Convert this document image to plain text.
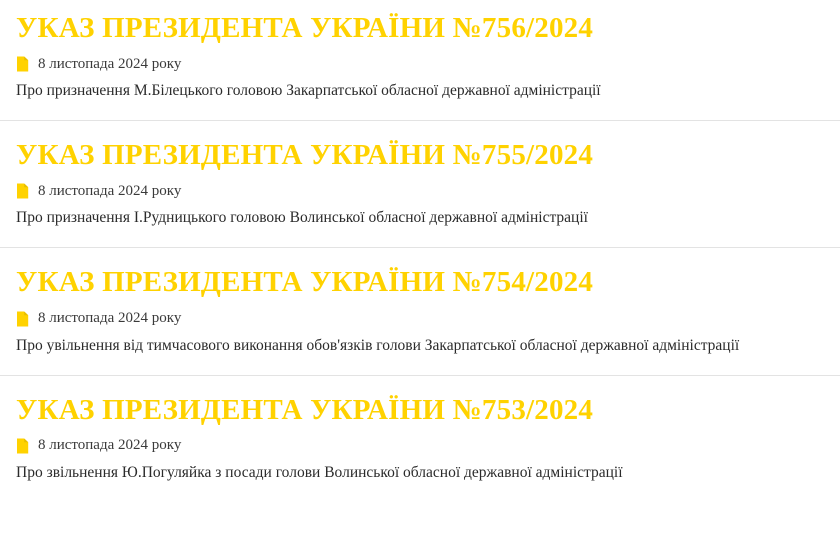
УКАЗ ПРЕЗИДЕНТА УКРАЇНИ №756/2024
8 листопада 2024 року

Про призначення М.Білецького головою Закарпатської обласної державної адміністрації

УКАЗ ПРЕЗИДЕНТА УКРАЇНИ №755/2024
8 листопада 2024 року

Про призначення І.Рудницького головою Волинської обласної державної адміністрації

УКАЗ ПРЕЗИДЕНТА УКРАЇНИ №754/2024
8 листопада 2024 року

Про увільнення від тимчасового виконання обов'язків голови Закарпатської обласної державної адміністрації

УКАЗ ПРЕЗИДЕНТА УКРАЇНИ №753/2024
8 листопада 2024 року

Про звільнення Ю.Погуляйка з посади голови Волинської обласної державної адміністрації
